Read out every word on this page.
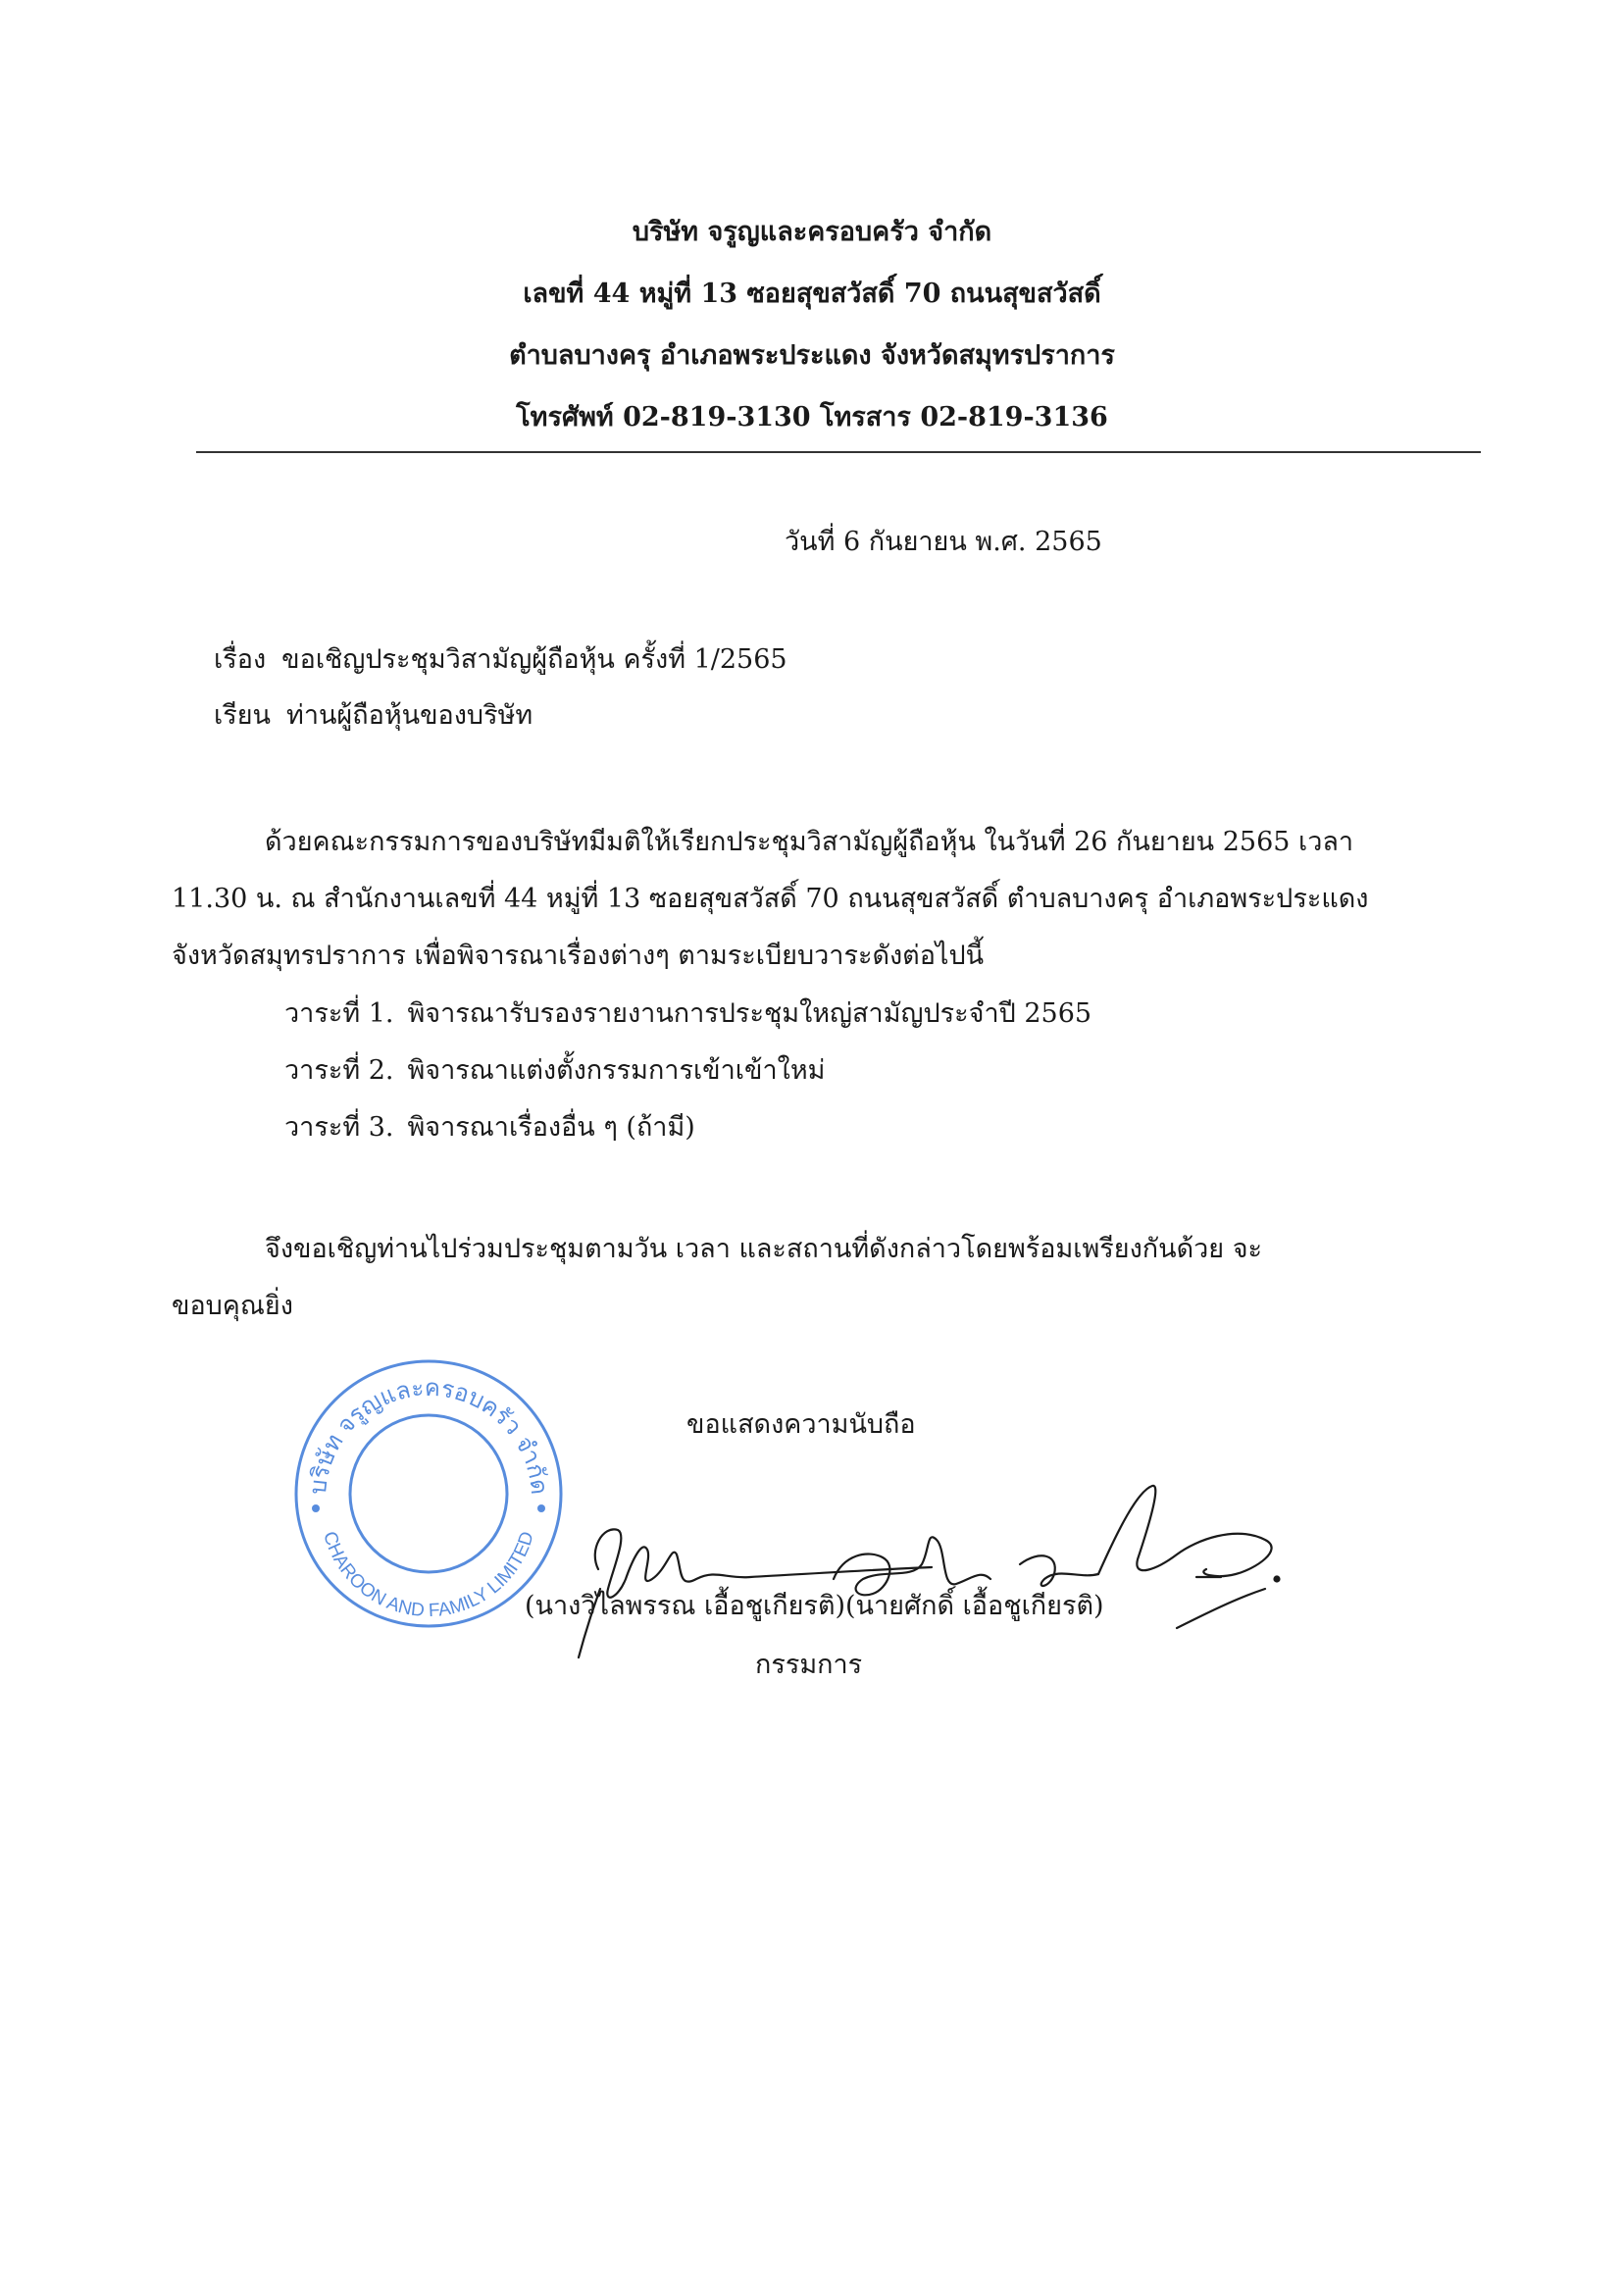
บริษัท จรูญและครอบครัว จำกัด
เลขที่ 44 หมู่ที่ 13 ซอยสุขสวัสดิ์ 70 ถนนสุขสวัสดิ์
ตำบลบางครุ อำเภอพระประแดง จังหวัดสมุทรปราการ
โทรศัพท์ 02-819-3130 โทรสาร 02-819-3136
วันที่ 6 กันยายน พ.ศ. 2565
เรื่อง ขอเชิญประชุมวิสามัญผู้ถือหุ้น ครั้งที่ 1/2565
เรียน ท่านผู้ถือหุ้นของบริษัท
ด้วยคณะกรรมการของบริษัทมีมติให้เรียกประชุมวิสามัญผู้ถือหุ้น ในวันที่ 26 กันยายน 2565 เวลา
11.30 น. ณ สำนักงานเลขที่ 44 หมู่ที่ 13 ซอยสุขสวัสดิ์ 70 ถนนสุขสวัสดิ์ ตำบลบางครุ อำเภอพระประแดง
จังหวัดสมุทรปราการ เพื่อพิจารณาเรื่องต่างๆ ตามระเบียบวาระดังต่อไปนี้
วาระที่ 1. พิจารณารับรองรายงานการประชุมใหญ่สามัญประจำปี 2565
วาระที่ 2. พิจารณาแต่งตั้งกรรมการเข้าเข้าใหม่
วาระที่ 3. พิจารณาเรื่องอื่น ๆ (ถ้ามี)
จึงขอเชิญท่านไปร่วมประชุมตามวัน เวลา และสถานที่ดังกล่าวโดยพร้อมเพรียงกันด้วย จะ
ขอบคุณยิ่ง
ขอแสดงความนับถือ
บริษัท จรูญและครอบครัว จำกัด
CHAROON AND FAMILY LIMITED
(นางวิไลพรรณ เอื้อชูเกียรติ)(นายศักดิ์ เอื้อชูเกียรติ)
กรรมการ
